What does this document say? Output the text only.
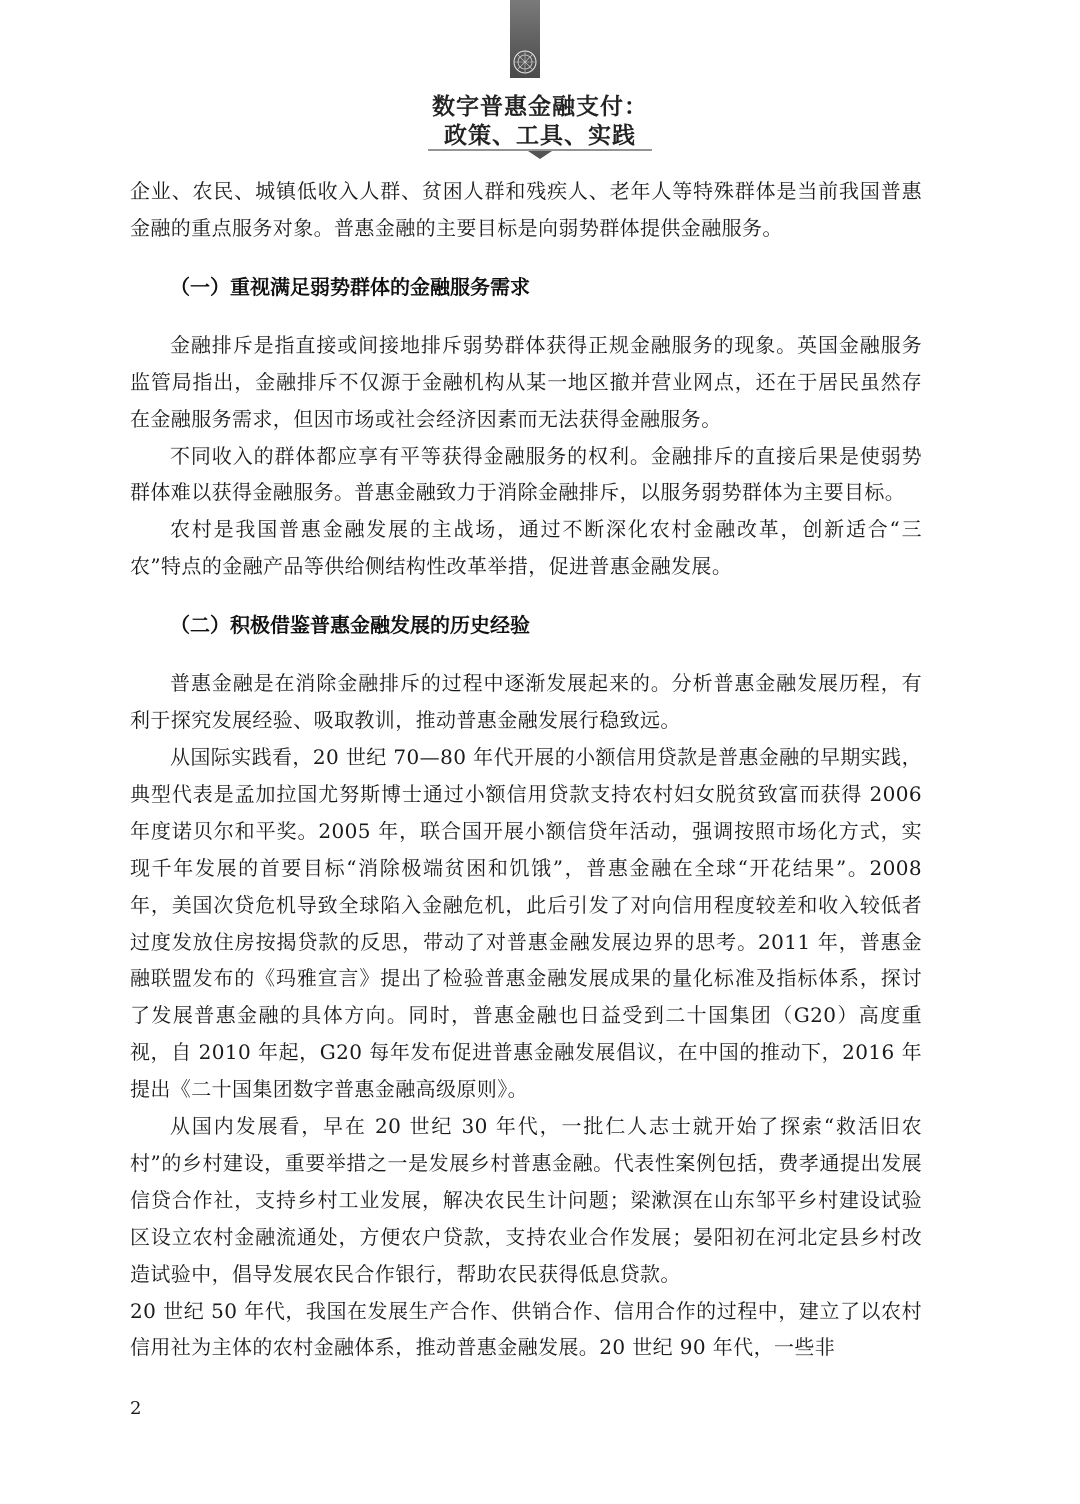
数字普惠金融支付：
政策、工具、实践

企业、农民、城镇低收入人群、贫困人群和残疾人、老年人等特殊群体是当前我国普惠金融的重点服务对象。普惠金融的主要目标是向弱势群体提供金融服务。

（一）重视满足弱势群体的金融服务需求

金融排斥是指直接或间接地排斥弱势群体获得正规金融服务的现象。英国金融服务监管局指出，金融排斥不仅源于金融机构从某一地区撤并营业网点，还在于居民虽然存在金融服务需求，但因市场或社会经济因素而无法获得金融服务。

不同收入的群体都应享有平等获得金融服务的权利。金融排斥的直接后果是使弱势群体难以获得金融服务。普惠金融致力于消除金融排斥，以服务弱势群体为主要目标。

农村是我国普惠金融发展的主战场，通过不断深化农村金融改革，创新适合“三农”特点的金融产品等供给侧结构性改革举措，促进普惠金融发展。

（二）积极借鉴普惠金融发展的历史经验

普惠金融是在消除金融排斥的过程中逐渐发展起来的。分析普惠金融发展历程，有利于探究发展经验、吸取教训，推动普惠金融发展行稳致远。

从国际实践看，20 世纪 70—80 年代开展的小额信用贷款是普惠金融的早期实践，典型代表是孟加拉国尤努斯博士通过小额信用贷款支持农村妇女脱贫致富而获得 2006 年度诺贝尔和平奖。2005 年，联合国开展小额信贷年活动，强调按照市场化方式，实现千年发展的首要目标“消除极端贫困和饥饿”，普惠金融在全球“开花结果”。2008 年，美国次贷危机导致全球陷入金融危机，此后引发了对向信用程度较差和收入较低者过度发放住房按揭贷款的反思，带动了对普惠金融发展边界的思考。2011 年，普惠金融联盟发布的《玛雅宣言》提出了检验普惠金融发展成果的量化标准及指标体系，探讨了发展普惠金融的具体方向。同时，普惠金融也日益受到二十国集团（G20）高度重视，自 2010 年起，G20 每年发布促进普惠金融发展倡议，在中国的推动下，2016 年提出《二十国集团数字普惠金融高级原则》。

从国内发展看，早在 20 世纪 30 年代，一批仁人志士就开始了探索“救活旧农村”的乡村建设，重要举措之一是发展乡村普惠金融。代表性案例包括，费孝通提出发展信贷合作社，支持乡村工业发展，解决农民生计问题；梁漱溟在山东邹平乡村建设试验区设立农村金融流通处，方便农户贷款，支持农业合作发展；晏阳初在河北定县乡村改造试验中，倡导发展农民合作银行，帮助农民获得低息贷款。

20 世纪 50 年代，我国在发展生产合作、供销合作、信用合作的过程中，建立了以农村信用社为主体的农村金融体系，推动普惠金融发展。20 世纪 90 年代，一些非

2
